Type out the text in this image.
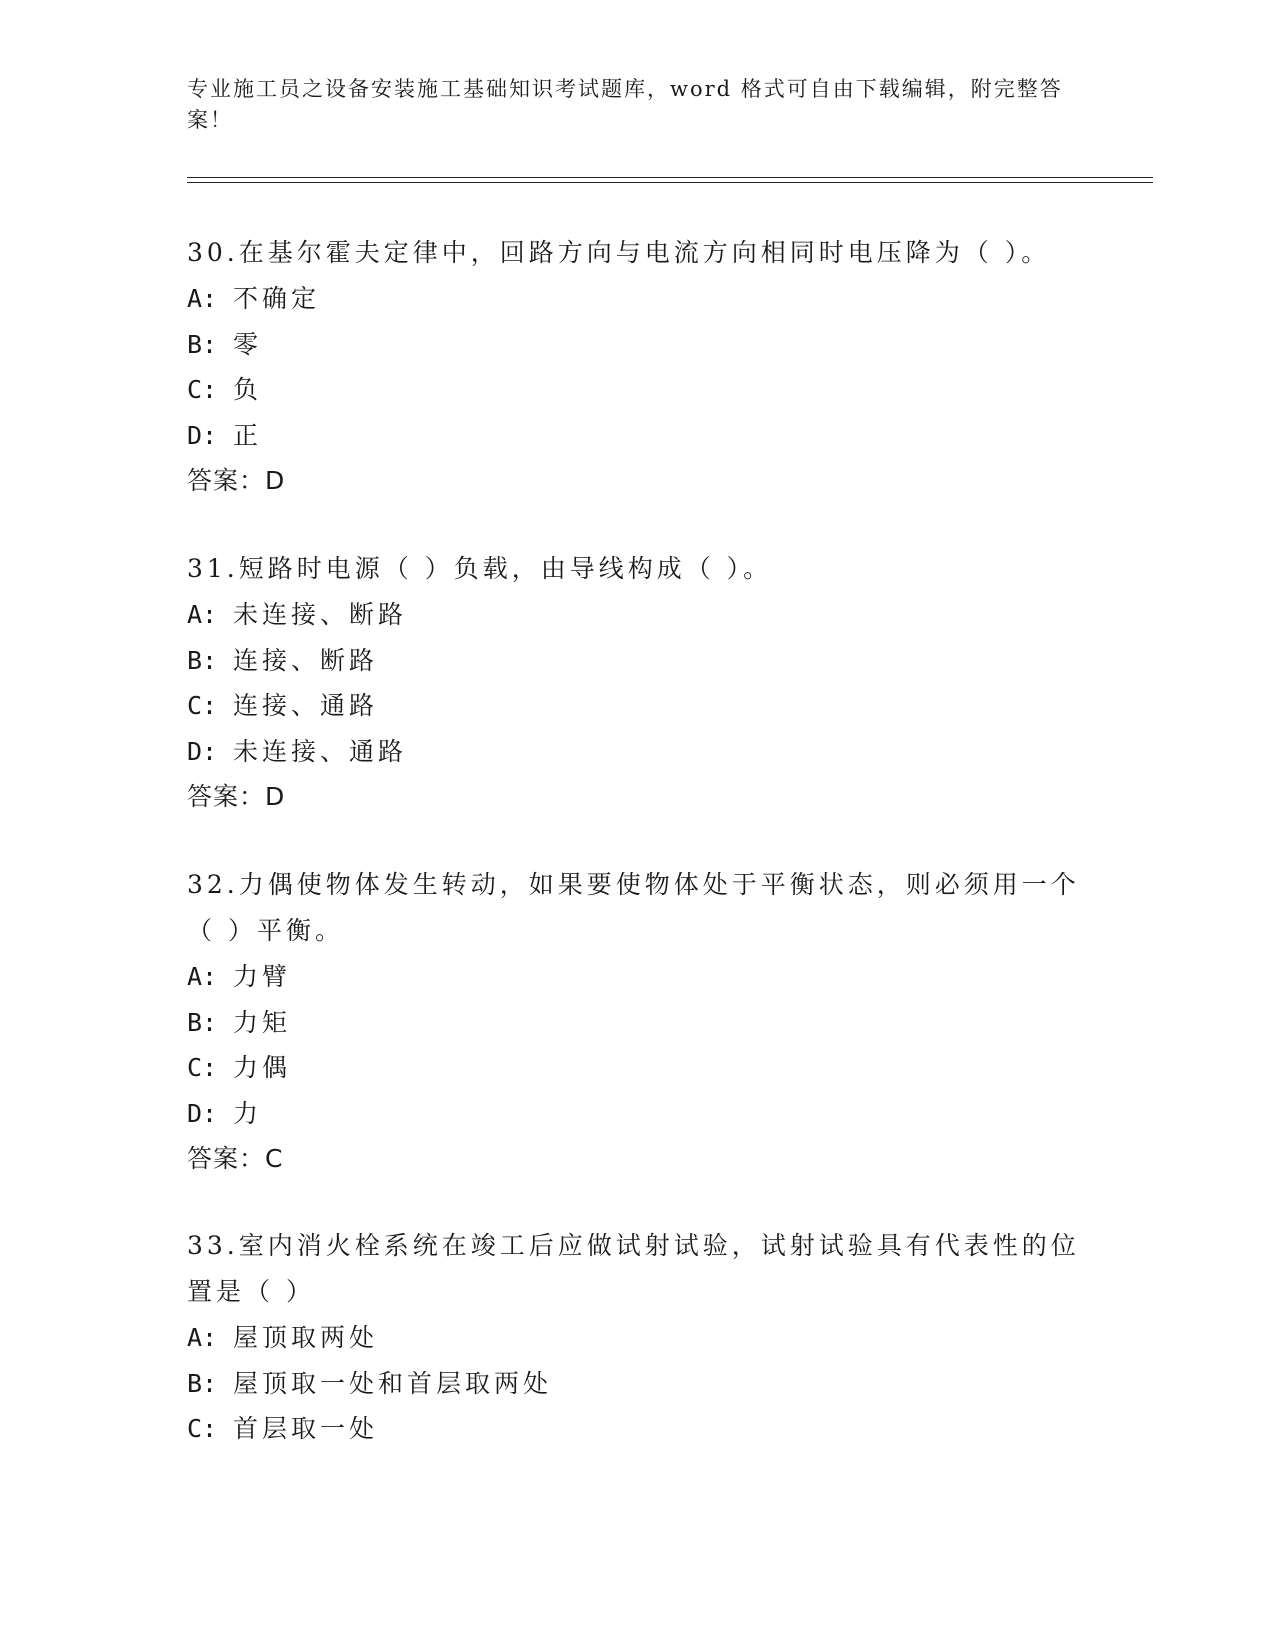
专业施工员之设备安装施工基础知识考试题库，word 格式可自由下载编辑，附完整答案！

30.在基尔霍夫定律中，回路方向与电流方向相同时电压降为（ ）。

A: 不确定

B: 零

C: 负

D: 正

答案：D

31.短路时电源（ ）负载，由导线构成（ ）。

A: 未连接、断路

B: 连接、断路

C: 连接、通路

D: 未连接、通路

答案：D

32.力偶使物体发生转动，如果要使物体处于平衡状态，则必须用一个（ ）平衡。

A: 力臂

B: 力矩

C: 力偶

D: 力

答案：C

33.室内消火栓系统在竣工后应做试射试验，试射试验具有代表性的位置是（ ）

A: 屋顶取两处

B: 屋顶取一处和首层取两处

C: 首层取一处
